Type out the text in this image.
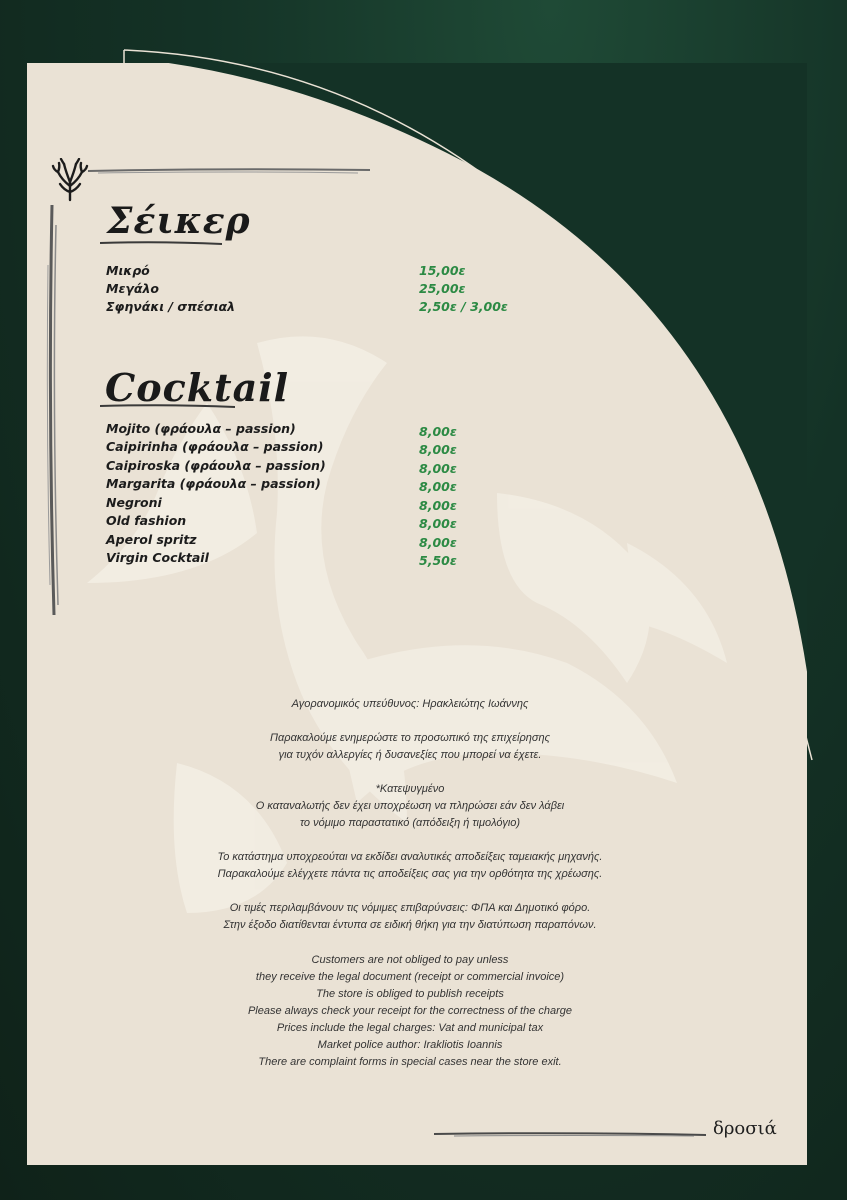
Σέικερ
Μικρό	15,00ε
Μεγάλο	25,00ε
Σφηνάκι / σπέσιαλ	2,50ε / 3,00ε
Cocktail
Mojito (φράουλα – passion)	8,00ε
Caipirinha (φράουλα – passion)	8,00ε
Caipiroska (φράουλα – passion)	8,00ε
Margarita (φράουλα – passion)	8,00ε
Negroni	8,00ε
Old fashion	8,00ε
Aperol spritz	8,00ε
Virgin Cocktail	5,50ε
Αγορανομικός υπεύθυνος: Ηρακλειώτης Ιωάννης

Παρακαλούμε ενημερώστε το προσωπικό της επιχείρησης
για τυχόν αλλεργίες ή δυσανεξίες που μπορεί να έχετε.

*Κατεψυγμένο
Ο καταναλωτής δεν έχει υποχρέωση να πληρώσει εάν δεν λάβει
το νόμιμο παραστατικό (απόδειξη ή τιμολόγιο)

Το κατάστημα υποχρεούται να εκδίδει αναλυτικές αποδείξεις ταμειακής μηχανής.
Παρακαλούμε ελέγχετε πάντα τις αποδείξεις σας για την ορθότητα της χρέωσης.

Οι τιμές περιλαμβάνουν τις νόμιμες επιβαρύνσεις: ΦΠΑ και Δημοτικό φόρο.
Στην έξοδο διατίθενται έντυπα σε ειδική θήκη για την διατύπωση παραπόνων.
Customers are not obliged to pay unless
they receive the legal document (receipt or commercial invoice)
The store is obliged to publish receipts
Please always check your receipt for the correctness of the charge
Prices include the legal charges: Vat and municipal tax
Market police author: Irakliotis Ioannis
There are complaint forms in special cases near the store exit.
δροσιά
